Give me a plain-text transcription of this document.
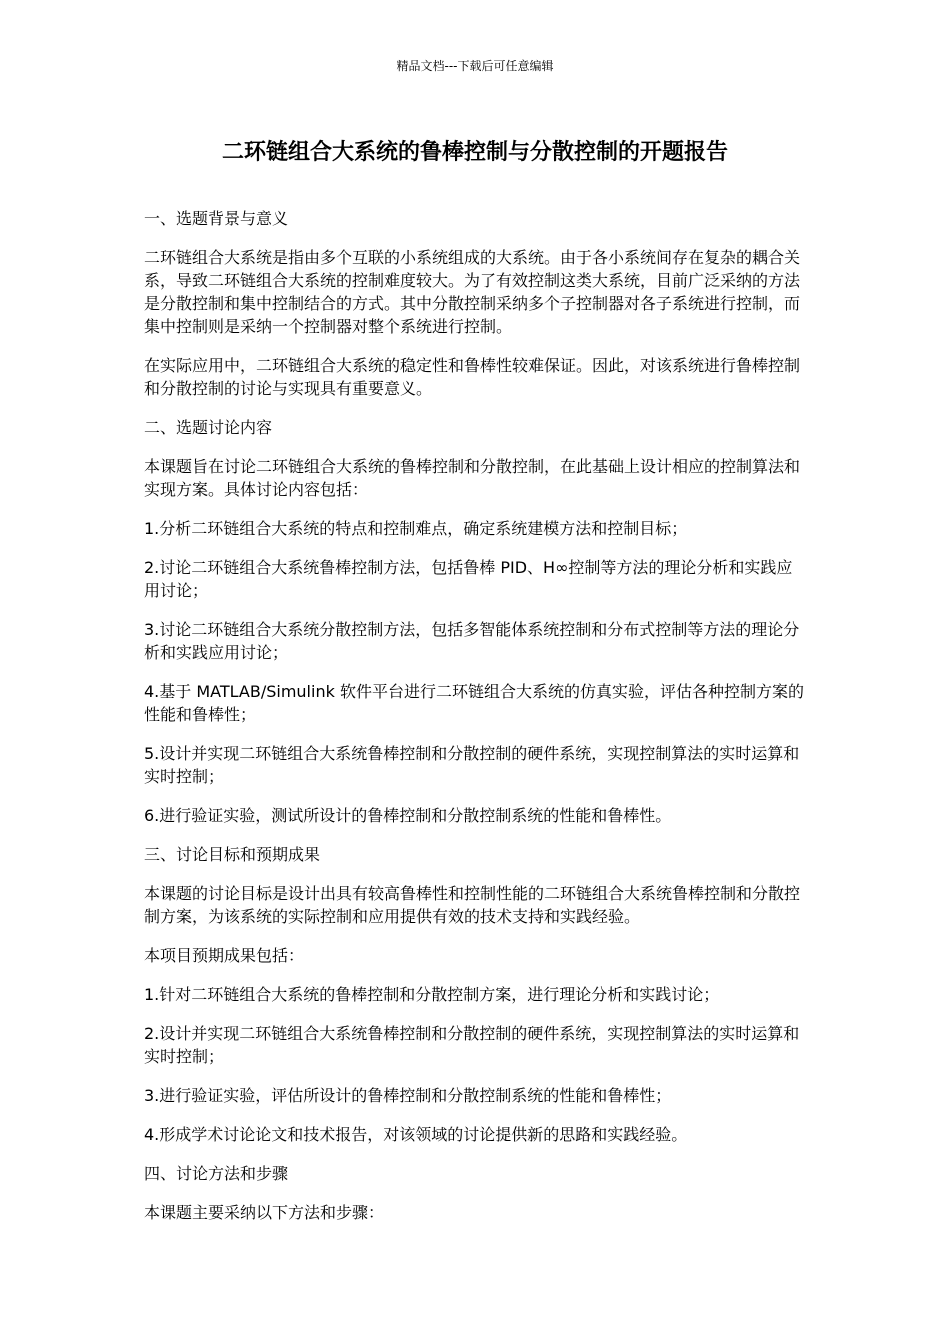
精品文档---下载后可任意编辑
二环链组合大系统的鲁棒控制与分散控制的开题报告

一、选题背景与意义

二环链组合大系统是指由多个互联的小系统组成的大系统。由于各小系统间存在复杂的耦合关系，导致二环链组合大系统的控制难度较大。为了有效控制这类大系统，目前广泛采纳的方法是分散控制和集中控制结合的方式。其中分散控制采纳多个子控制器对各子系统进行控制，而集中控制则是采纳一个控制器对整个系统进行控制。

在实际应用中，二环链组合大系统的稳定性和鲁棒性较难保证。因此，对该系统进行鲁棒控制和分散控制的讨论与实现具有重要意义。

二、选题讨论内容

本课题旨在讨论二环链组合大系统的鲁棒控制和分散控制，在此基础上设计相应的控制算法和实现方案。具体讨论内容包括：

1.分析二环链组合大系统的特点和控制难点，确定系统建模方法和控制目标；

2.讨论二环链组合大系统鲁棒控制方法，包括鲁棒 PID、H∞控制等方法的理论分析和实践应用讨论；

3.讨论二环链组合大系统分散控制方法，包括多智能体系统控制和分布式控制等方法的理论分析和实践应用讨论；

4.基于 MATLAB/Simulink 软件平台进行二环链组合大系统的仿真实验，评估各种控制方案的性能和鲁棒性；

5.设计并实现二环链组合大系统鲁棒控制和分散控制的硬件系统，实现控制算法的实时运算和实时控制；

6.进行验证实验，测试所设计的鲁棒控制和分散控制系统的性能和鲁棒性。

三、讨论目标和预期成果

本课题的讨论目标是设计出具有较高鲁棒性和控制性能的二环链组合大系统鲁棒控制和分散控制方案，为该系统的实际控制和应用提供有效的技术支持和实践经验。

本项目预期成果包括：

1.针对二环链组合大系统的鲁棒控制和分散控制方案，进行理论分析和实践讨论；

2.设计并实现二环链组合大系统鲁棒控制和分散控制的硬件系统，实现控制算法的实时运算和实时控制；

3.进行验证实验，评估所设计的鲁棒控制和分散控制系统的性能和鲁棒性；

4.形成学术讨论论文和技术报告，对该领域的讨论提供新的思路和实践经验。

四、讨论方法和步骤

本课题主要采纳以下方法和步骤：
